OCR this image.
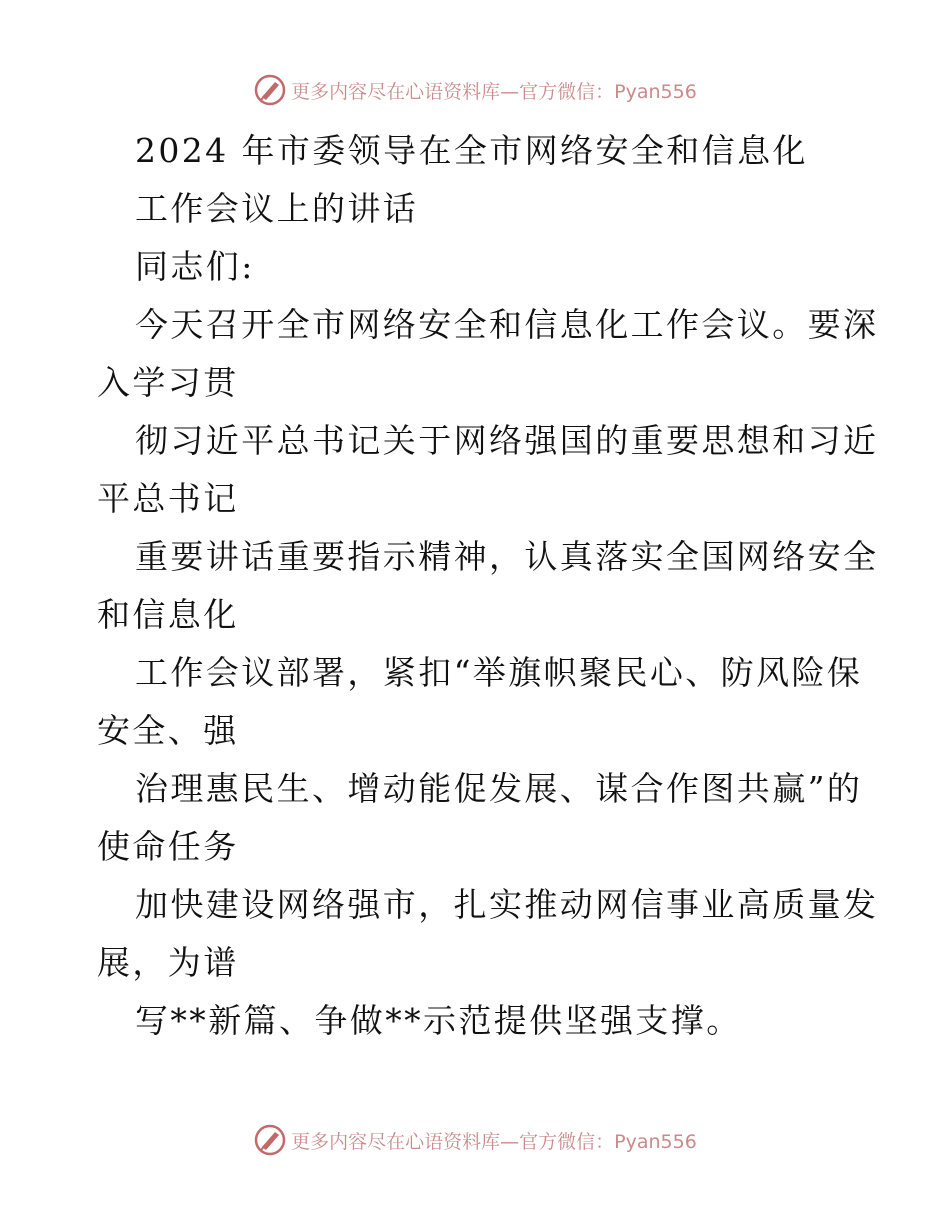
更多内容尽在心语资料库—官方微信：Pyan556
2024 年市委领导在全市网络安全和信息化
工作会议上的讲话
同志们:
今天召开全市网络安全和信息化工作会议。要深
入学习贯
彻习近平总书记关于网络强国的重要思想和习近
平总书记
重要讲话重要指示精神，认真落实全国网络安全
和信息化
工作会议部署，紧扣“举旗帜聚民心、防风险保
安全、强
治理惠民生、增动能促发展、谋合作图共赢”的
使命任务
加快建设网络强市，扎实推动网信事业高质量发
展，为谱
写**新篇、争做**示范提供坚强支撑。
更多内容尽在心语资料库—官方微信：Pyan556
